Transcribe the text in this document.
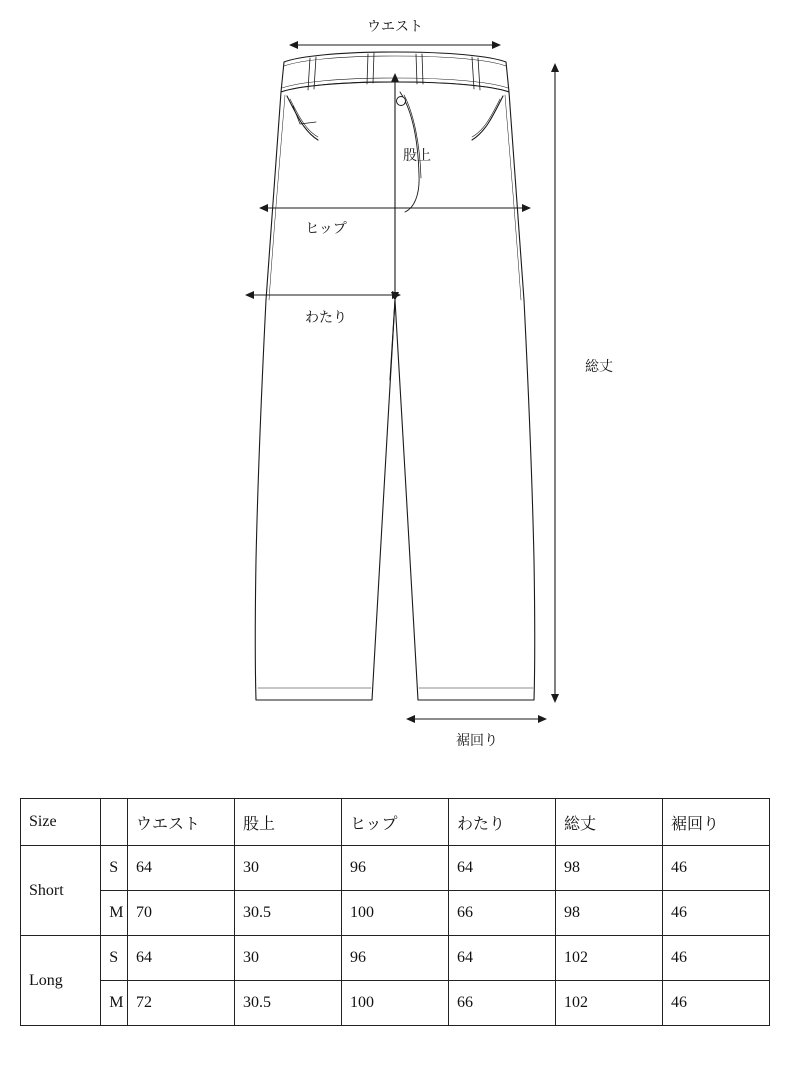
ウエスト
股上
ヒップ
わたり
総丈
裾回り
Size		ウエスト	股上	ヒップ	わたり	総丈	裾回り
Short	S	64	30	96	64	98	46
	M	70	30.5	100	66	98	46
Long	S	64	30	96	64	102	46
	M	72	30.5	100	66	102	46
